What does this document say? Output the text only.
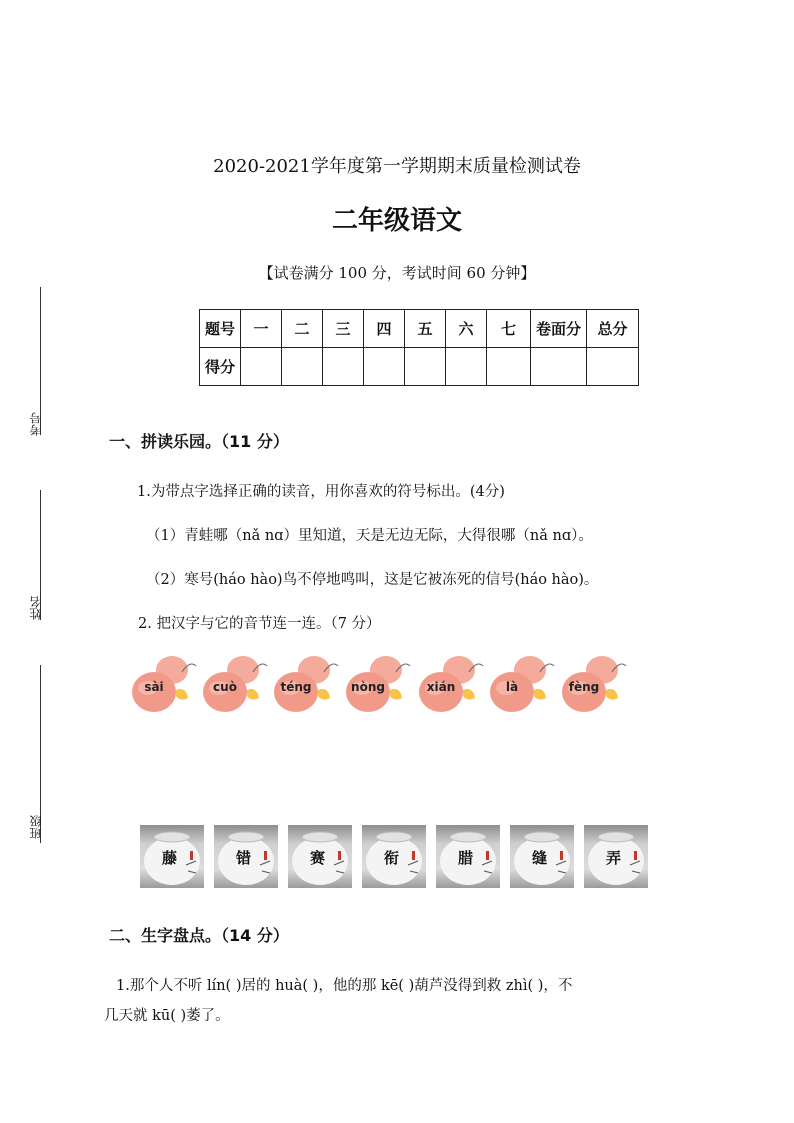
2020-2021学年度第一学期期末质量检测试卷
二年级语文
【试卷满分 100 分，考试时间 60 分钟】
题号	一	二	三	四	五	六	七	卷面分	总分
得分									
考号
姓名
班级
一、拼读乐园。（11 分）
1.为带点字选择正确的读音，用你喜欢的符号标出。(4分)
（1）青蛙哪（nǎ nɑ）里知道，天是无边无际，大得很哪（nǎ nɑ）。
（2）寒号(háo hào)鸟不停地鸣叫，这是它被冻死的信号(háo hào)。
2. 把汉字与它的音节连一连。（7 分）
sài	cuò	téng	nòng	xián	là	fèng
藤	错	赛	衔	腊	缝	弄
二、生字盘点。（14 分）
1.那个人不听 lín( )居的 huà( )，他的那 kē( )葫芦没得到救 zhì( )，不
几天就 kū( )萎了。
